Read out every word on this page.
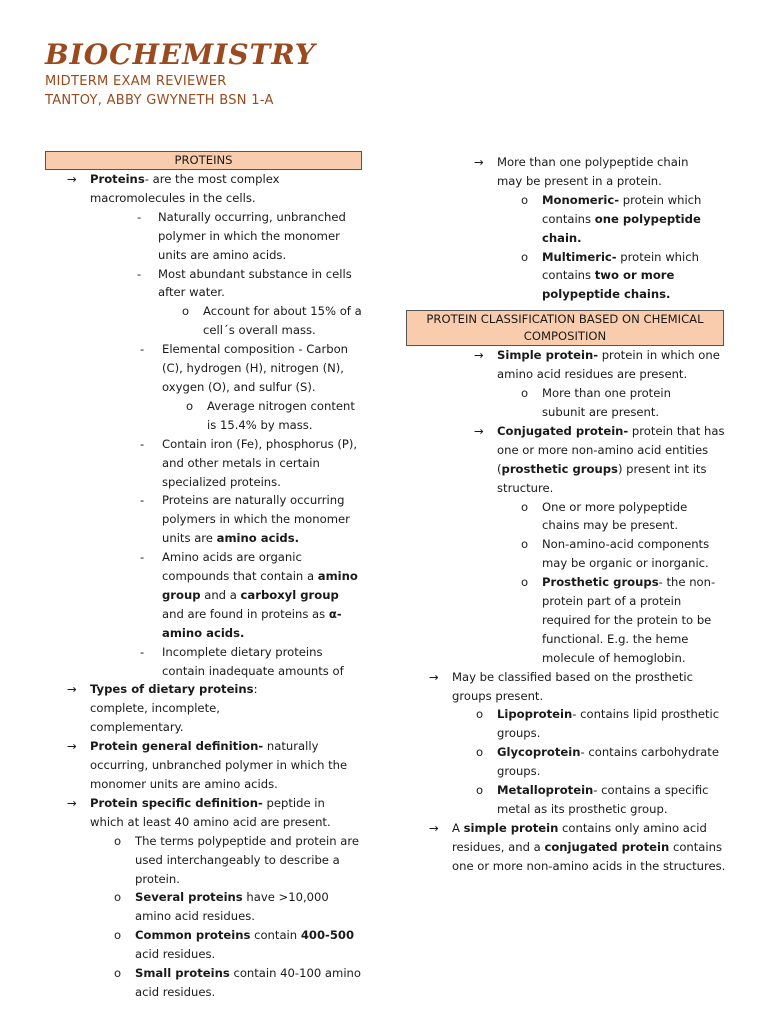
BIOCHEMISTRY
MIDTERM EXAM REVIEWER
TANTOY, ABBY GWYNETH BSN 1-A
PROTEINS

→ Proteins- are the most complex macromolecules in the cells.

- Naturally occurring, unbranched polymer in which the monomer units are amino acids.

- Most abundant substance in cells after water.

o Account for about 15% of a cell´s overall mass.

- Elemental composition - Carbon (C), hydrogen (H), nitrogen (N), oxygen (O), and sulfur (S).

o Average nitrogen content is 15.4% by mass.

- Contain iron (Fe), phosphorus (P), and other metals in certain specialized proteins.

- Proteins are naturally occurring polymers in which the monomer units are amino acids.

- Amino acids are organic compounds that contain a amino group and a carboxyl group and are found in proteins as α-amino acids.

- Incomplete dietary proteins contain inadequate amounts of

→ Types of dietary proteins: complete, incomplete, complementary.

→ Protein general definition- naturally occurring, unbranched polymer in which the monomer units are amino acids.

→ Protein specific definition- peptide in which at least 40 amino acid are present.

o The terms polypeptide and protein are used interchangeably to describe a protein.

o Several proteins have >10,000 amino acid residues.

o Common proteins contain 400-500 acid residues.

o Small proteins contain 40-100 amino acid residues.

→ More than one polypeptide chain may be present in a protein.

o Monomeric- protein which contains one polypeptide chain.

o Multimeric- protein which contains two or more polypeptide chains.

PROTEIN CLASSIFICATION BASED ON CHEMICAL COMPOSITION

→ Simple protein- protein in which one amino acid residues are present.

o More than one protein subunit are present.

→ Conjugated protein- protein that has one or more non-amino acid entities (prosthetic groups) present int its structure.

o One or more polypeptide chains may be present.

o Non-amino-acid components may be organic or inorganic.

o Prosthetic groups- the non-protein part of a protein required for the protein to be functional. E.g. the heme molecule of hemoglobin.

→ May be classified based on the prosthetic groups present.

o Lipoprotein- contains lipid prosthetic groups.

o Glycoprotein- contains carbohydrate groups.

o Metalloprotein- contains a specific metal as its prosthetic group.

→ A simple protein contains only amino acid residues, and a conjugated protein contains one or more non-amino acids in the structures.
